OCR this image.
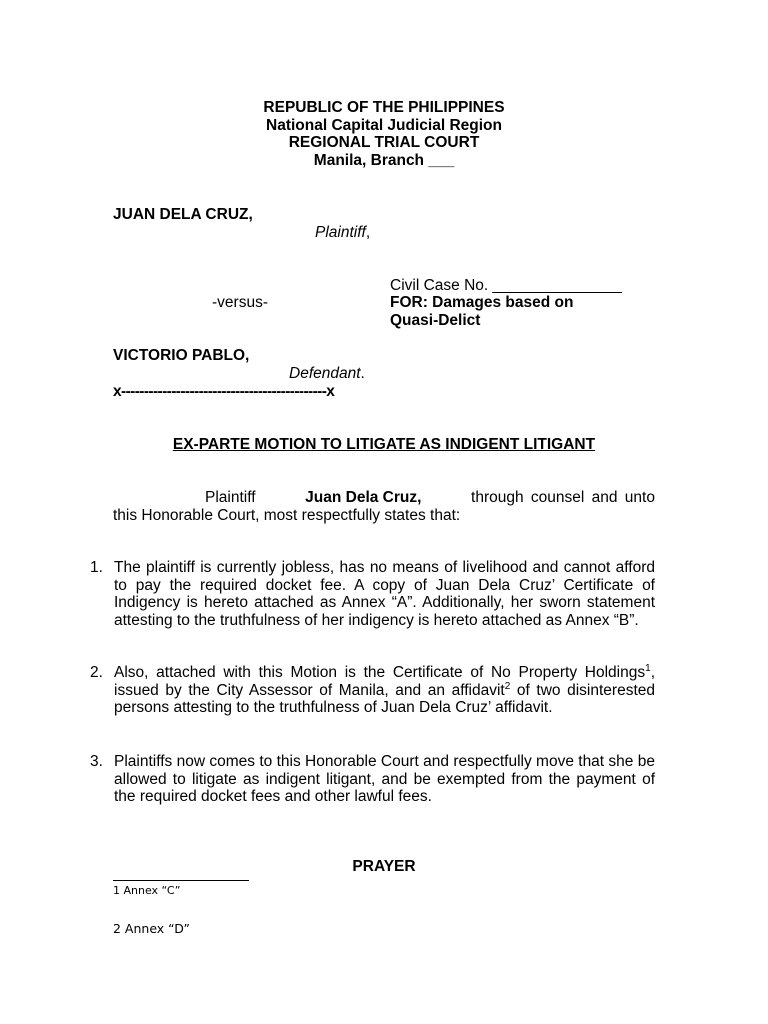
REPUBLIC OF THE PHILIPPINES
National Capital Judicial Region
REGIONAL TRIAL COURT
Manila, Branch ___
JUAN DELA CRUZ,
Plaintiff,
Civil Case No. _______________
-versus-	FOR: Damages based on
Quasi-Delict
VICTORIO PABLO,
Defendant.
x---------------------------------------------x
EX-PARTE MOTION TO LITIGATE AS INDIGENT LITIGANT
Plaintiff	Juan Dela Cruz,	through counsel and unto
this Honorable Court, most respectfully states that:
1. The plaintiff is currently jobless, has no means of livelihood and cannot afford to pay the required docket fee. A copy of Juan Dela Cruz’ Certificate of Indigency is hereto attached as Annex “A”. Additionally, her sworn statement attesting to the truthfulness of her indigency is hereto attached as Annex “B”.
2. Also, attached with this Motion is the Certificate of No Property Holdings$^1$, issued by the City Assessor of Manila, and an affidavit$^2$ of two disinterested persons attesting to the truthfulness of Juan Dela Cruz’ affidavit.
3. Plaintiffs now comes to this Honorable Court and respectfully move that she be allowed to litigate as indigent litigant, and be exempted from the payment of the required docket fees and other lawful fees.
PRAYER
1 Annex “C”
2 Annex “D”
